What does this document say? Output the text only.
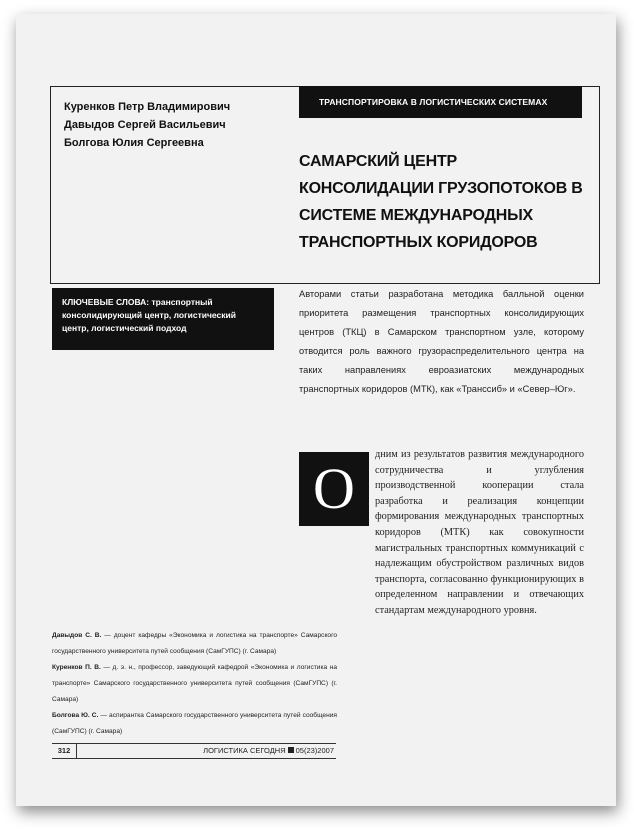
Куренков Петр Владимирович
Давыдов Сергей Васильевич
Болгова Юлия Сергеевна
ТРАНСПОРТИРОВКА В ЛОГИСТИЧЕСКИХ СИСТЕМАХ
САМАРСКИЙ ЦЕНТР КОНСОЛИДАЦИИ ГРУЗОПОТОКОВ В СИСТЕМЕ МЕЖДУНАРОДНЫХ ТРАНСПОРТНЫХ КОРИДОРОВ
КЛЮЧЕВЫЕ СЛОВА: транспортный консолидирующий центр, логистический центр, логистический подход
Авторами статьи разработана методика балльной оценки приоритета размещения транспортных консолидирующих центров (ТКЦ) в Самарском транспортном узле, которому отводится роль важного грузораспределительного центра на таких направлениях евроазиатских международных транспортных коридоров (МТК), как «Транссиб» и «Север–Юг».
О

дним из результатов развития международного сотрудничества и углубления производственной кооперации стала разработка и реализация концепции формирования международных транспортных коридоров (МТК) как совокупности магистральных транспортных коммуникаций с надлежащим обустройством различных видов транспорта, согласованно функционирующих в определенном направлении и отвечающих стандартам международного уровня.

Давыдов С. В. — доцент кафедры «Экономика и логистика на транспорте» Самарского государственного университета путей сообщения (СамГУПС) (г. Самара)

Куренков П. В. — д. э. н., профессор, заведующий кафедрой «Экономика и логистика на транспорте» Самарского государственного университета путей сообщения (СамГУПС) (г. Самара)

Болгова Ю. С. — аспирантка Самарского государственного университета путей сообщения (СамГУПС) (г. Самара)

312	ЛОГИСТИКА СЕГОДНЯ 05(23)2007
